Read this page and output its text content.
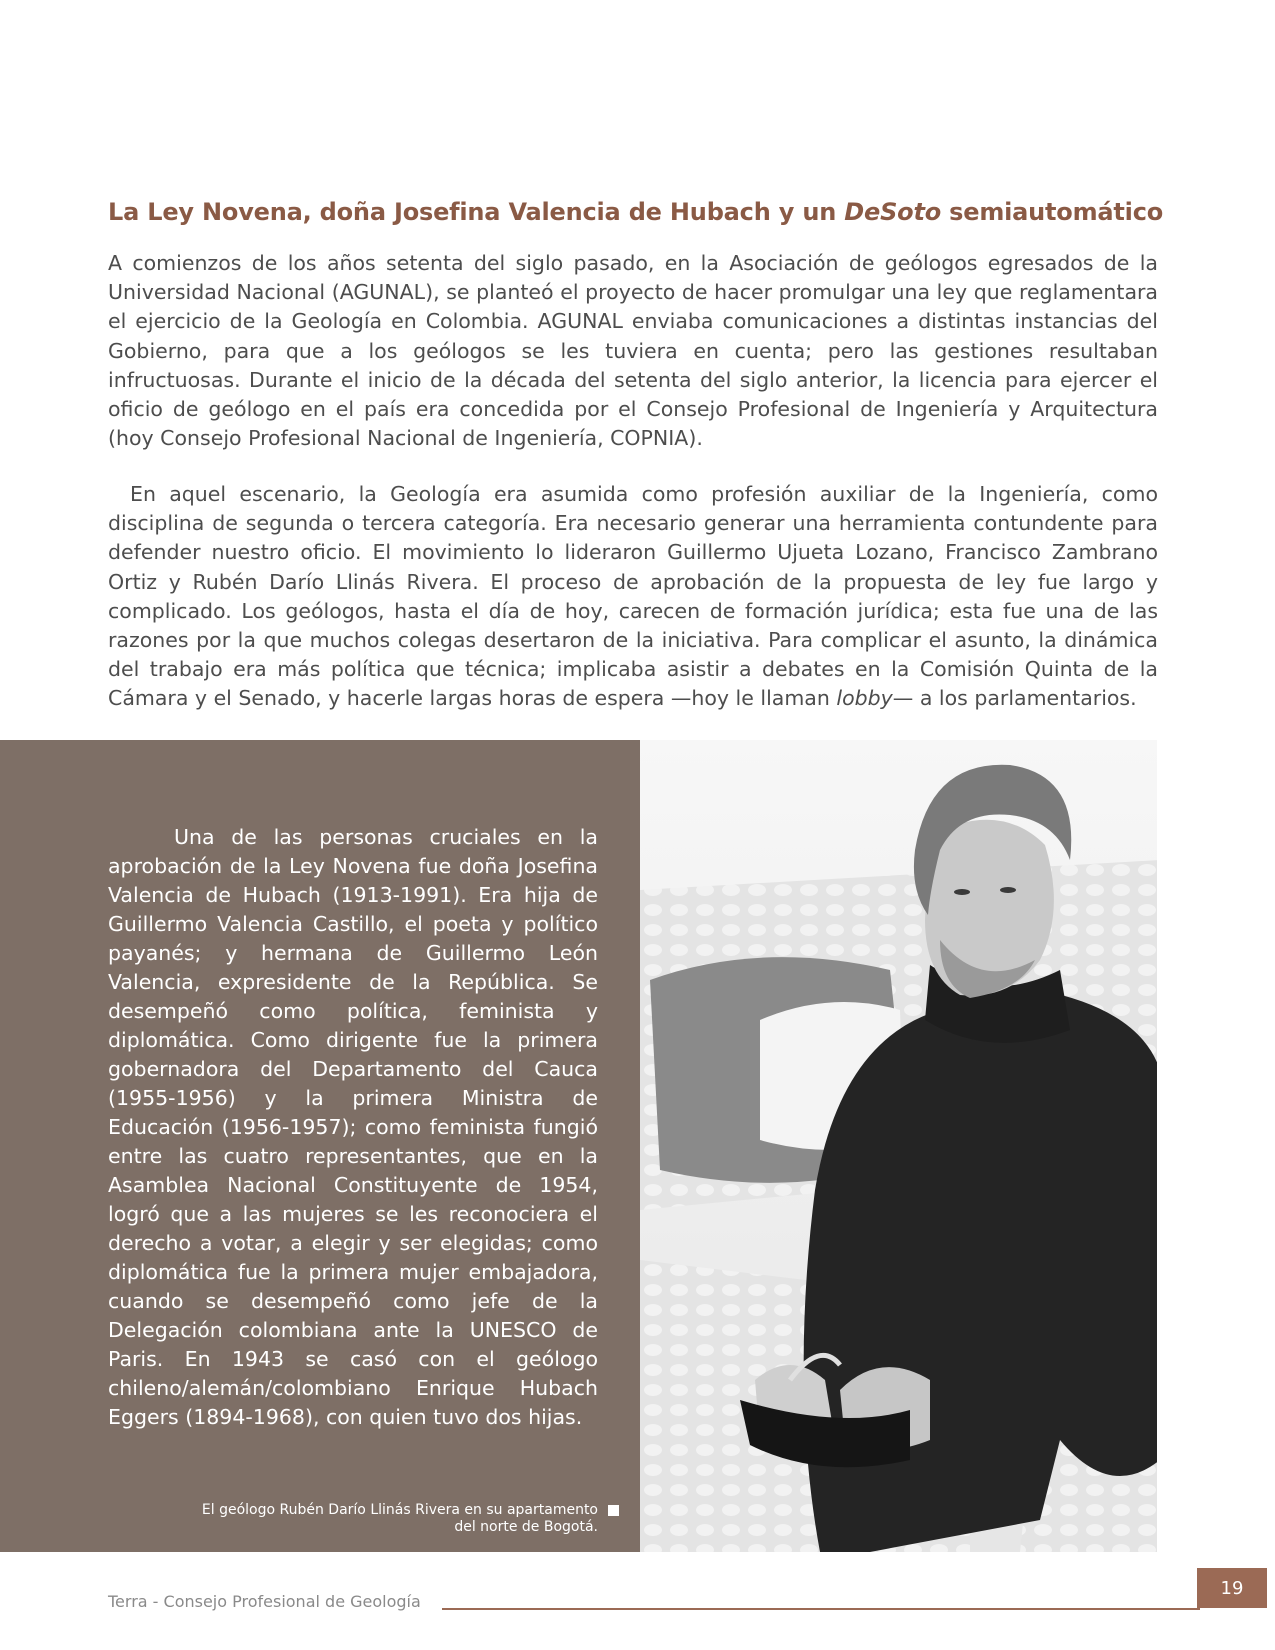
La Ley Novena, doña Josefina Valencia de Hubach y un DeSoto semiautomático

A comienzos de los años setenta del siglo pasado, en la Asociación de geólogos egresados de la Universidad Nacional (AGUNAL), se planteó el proyecto de hacer promulgar una ley que reglamentara el ejercicio de la Geología en Colombia. AGUNAL enviaba comunicaciones a distintas instancias del Gobierno, para que a los geólogos se les tuviera en cuenta; pero las gestiones resultaban infructuosas. Durante el inicio de la década del setenta del siglo anterior, la licencia para ejercer el oficio de geólogo en el país era concedida por el Consejo Profesional de Ingeniería y Arquitectura (hoy Consejo Profesional Nacional de Ingeniería, COPNIA).

En aquel escenario, la Geología era asumida como profesión auxiliar de la Ingeniería, como disciplina de segunda o tercera categoría. Era necesario generar una herramienta contundente para defender nuestro oficio. El movimiento lo lideraron Guillermo Ujueta Lozano, Francisco Zambrano Ortiz y Rubén Darío Llinás Rivera. El proceso de aprobación de la propuesta de ley fue largo y complicado. Los geólogos, hasta el día de hoy, carecen de formación jurídica; esta fue una de las razones por la que muchos colegas desertaron de la iniciativa. Para complicar el asunto, la dinámica del trabajo era más política que técnica; implicaba asistir a debates en la Comisión Quinta de la Cámara y el Senado, y hacerle largas horas de espera —hoy le llaman lobby— a los parlamentarios.

Una de las personas cruciales en la aprobación de la Ley Novena fue doña Josefina Valencia de Hubach (1913-1991). Era hija de Guillermo Valencia Castillo, el poeta y político payanés; y hermana de Guillermo León Valencia, expresidente de la República. Se desempeñó como política, feminista y diplomática. Como dirigente fue la primera gobernadora del Departamento del Cauca (1955-1956) y la primera Ministra de Educación (1956-1957); como feminista fungió entre las cuatro representantes, que en la Asamblea Nacional Constituyente de 1954, logró que a las mujeres se les reconociera el derecho a votar, a elegir y ser elegidas; como diplomática fue la primera mujer embajadora, cuando se desempeñó como jefe de la Delegación colombiana ante la UNESCO de Paris. En 1943 se casó con el geólogo chileno/alemán/colombiano Enrique Hubach Eggers (1894-1968), con quien tuvo dos hijas.

El geólogo Rubén Darío Llinás Rivera en su apartamento
del norte de Bogotá.
Terra - Consejo Profesional de Geología
19
